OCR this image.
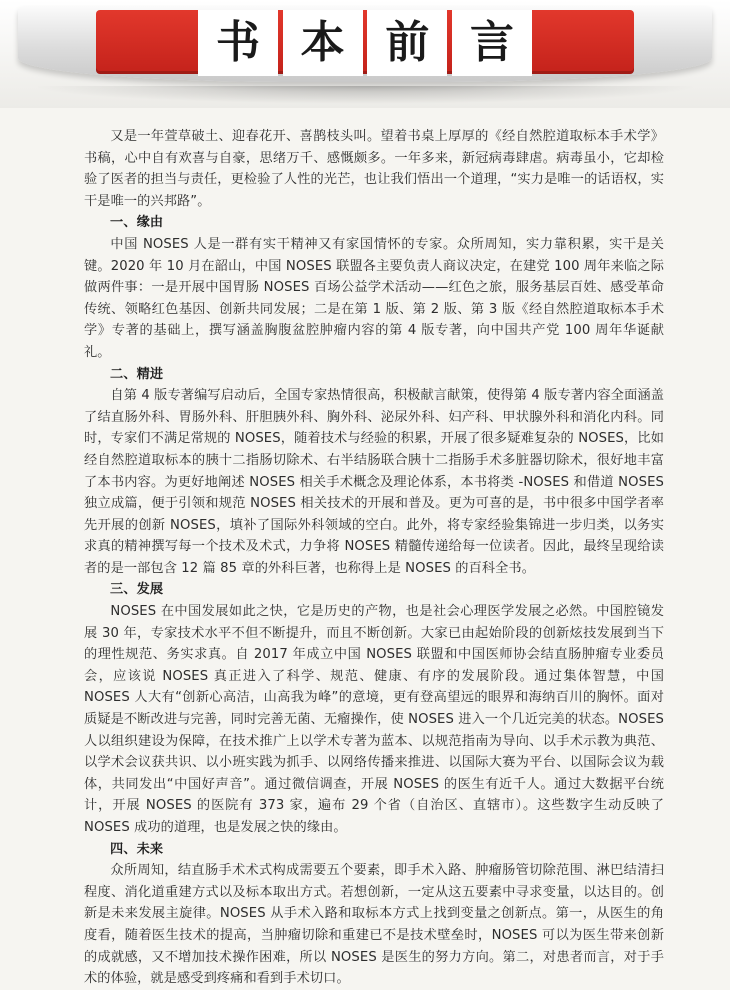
书 本 前 言

又是一年萱草破土、迎春花开、喜鹊枝头叫。望着书桌上厚厚的《经自然腔道取标本手术学》书稿，心中自有欢喜与自豪，思绪万千、感慨颇多。一年多来，新冠病毒肆虐。病毒虽小，它却检验了医者的担当与责任，更检验了人性的光芒，也让我们悟出一个道理，“实力是唯一的话语权，实干是唯一的兴邦路”。

一、缘由

中国 NOSES 人是一群有实干精神又有家国情怀的专家。众所周知，实力靠积累，实干是关键。2020 年 10 月在韶山，中国 NOSES 联盟各主要负责人商议决定，在建党 100 周年来临之际做两件事：一是开展中国胃肠 NOSES 百场公益学术活动——红色之旅，服务基层百姓、感受革命传统、领略红色基因、创新共同发展；二是在第 1 版、第 2 版、第 3 版《经自然腔道取标本手术学》专著的基础上，撰写涵盖胸腹盆腔肿瘤内容的第 4 版专著，向中国共产党 100 周年华诞献礼。

二、精进

自第 4 版专著编写启动后，全国专家热情很高，积极献言献策，使得第 4 版专著内容全面涵盖了结直肠外科、胃肠外科、肝胆胰外科、胸外科、泌尿外科、妇产科、甲状腺外科和消化内科。同时，专家们不满足常规的 NOSES，随着技术与经验的积累，开展了很多疑难复杂的 NOSES，比如经自然腔道取标本的胰十二指肠切除术、右半结肠联合胰十二指肠手术多脏器切除术，很好地丰富了本书内容。为更好地阐述 NOSES 相关手术概念及理论体系，本书将类 -NOSES 和借道 NOSES 独立成篇，便于引领和规范 NOSES 相关技术的开展和普及。更为可喜的是，书中很多中国学者率先开展的创新 NOSES，填补了国际外科领域的空白。此外，将专家经验集锦进一步归类，以务实求真的精神撰写每一个技术及术式，力争将 NOSES 精髓传递给每一位读者。因此，最终呈现给读者的是一部包含 12 篇 85 章的外科巨著，也称得上是 NOSES 的百科全书。

三、发展

NOSES 在中国发展如此之快，它是历史的产物，也是社会心理医学发展之必然。中国腔镜发展 30 年，专家技术水平不但不断提升，而且不断创新。大家已由起始阶段的创新炫技发展到当下的理性规范、务实求真。自 2017 年成立中国 NOSES 联盟和中国医师协会结直肠肿瘤专业委员会，应该说 NOSES 真正进入了科学、规范、健康、有序的发展阶段。通过集体智慧，中国 NOSES 人大有“创新心高洁，山高我为峰”的意境，更有登高望远的眼界和海纳百川的胸怀。面对质疑是不断改进与完善，同时完善无菌、无瘤操作，使 NOSES 进入一个几近完美的状态。NOSES 人以组织建设为保障，在技术推广上以学术专著为蓝本、以规范指南为导向、以手术示教为典范、以学术会议获共识、以小班实践为抓手、以网络传播来推进、以国际大赛为平台、以国际会议为载体，共同发出“中国好声音”。通过微信调查，开展 NOSES 的医生有近千人。通过大数据平台统计，开展 NOSES 的医院有 373 家，遍布 29 个省（自治区、直辖市）。这些数字生动反映了 NOSES 成功的道理，也是发展之快的缘由。

四、未来

众所周知，结直肠手术术式构成需要五个要素，即手术入路、肿瘤肠管切除范围、淋巴结清扫程度、消化道重建方式以及标本取出方式。若想创新，一定从这五要素中寻求变量，以达目的。创新是未来发展主旋律。NOSES 从手术入路和取标本方式上找到变量之创新点。第一，从医生的角度看，随着医生技术的提高，当肿瘤切除和重建已不是技术壁垒时，NOSES 可以为医生带来创新的成就感，又不增加技术操作困难，所以 NOSES 是医生的努力方向。第二，对患者而言，对于手术的体验，就是感受到疼痛和看到手术切口。
